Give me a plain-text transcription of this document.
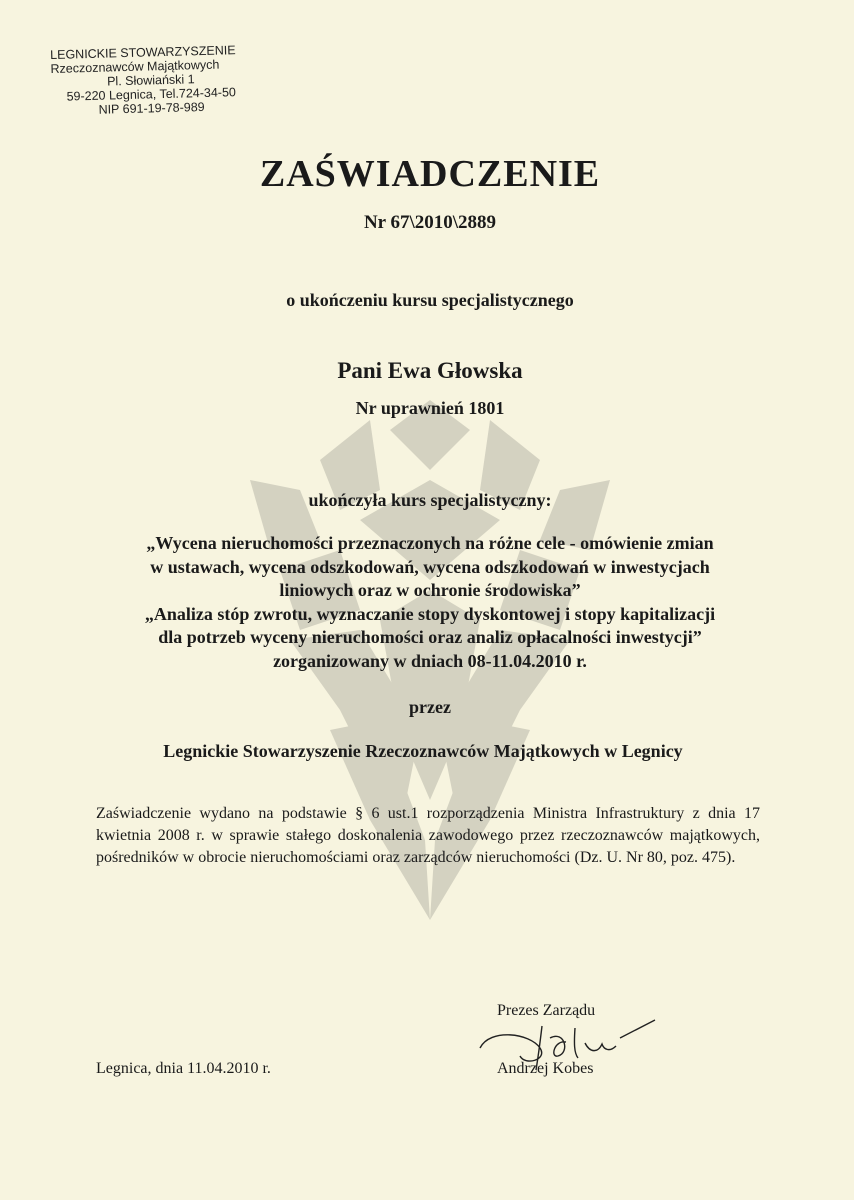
LEGNICKIE STOWARZYSZENIE
Rzeczoznawców Majątkowych
Pl. Słowiański 1
59-220 Legnica, Tel.724-34-50
NIP 691-19-78-989
ZAŚWIADCZENIE
Nr 67\2010\2889
o ukończeniu kursu specjalistycznego
Pani Ewa Głowska
Nr uprawnień 1801
ukończyła kurs specjalistyczny:
„Wycena nieruchomości przeznaczonych na różne cele - omówienie zmian
w ustawach, wycena odszkodowań, wycena odszkodowań w inwestycjach
liniowych oraz w ochronie środowiska”
„Analiza stóp zwrotu, wyznaczanie stopy dyskontowej i stopy kapitalizacji
dla potrzeb wyceny nieruchomości oraz analiz opłacalności inwestycji”
zorganizowany w dniach 08-11.04.2010 r.
przez
Legnickie Stowarzyszenie Rzeczoznawców Majątkowych w Legnicy
Zaświadczenie wydano na podstawie § 6 ust.1 rozporządzenia Ministra Infrastruktury z dnia 17 kwietnia 2008 r. w sprawie stałego doskonalenia zawodowego przez rzeczoznawców majątkowych, pośredników w obrocie nieruchomościami oraz zarządców nieruchomości (Dz. U. Nr 80, poz. 475).
Prezes Zarządu
Andrzej Kobes
Legnica, dnia 11.04.2010 r.
